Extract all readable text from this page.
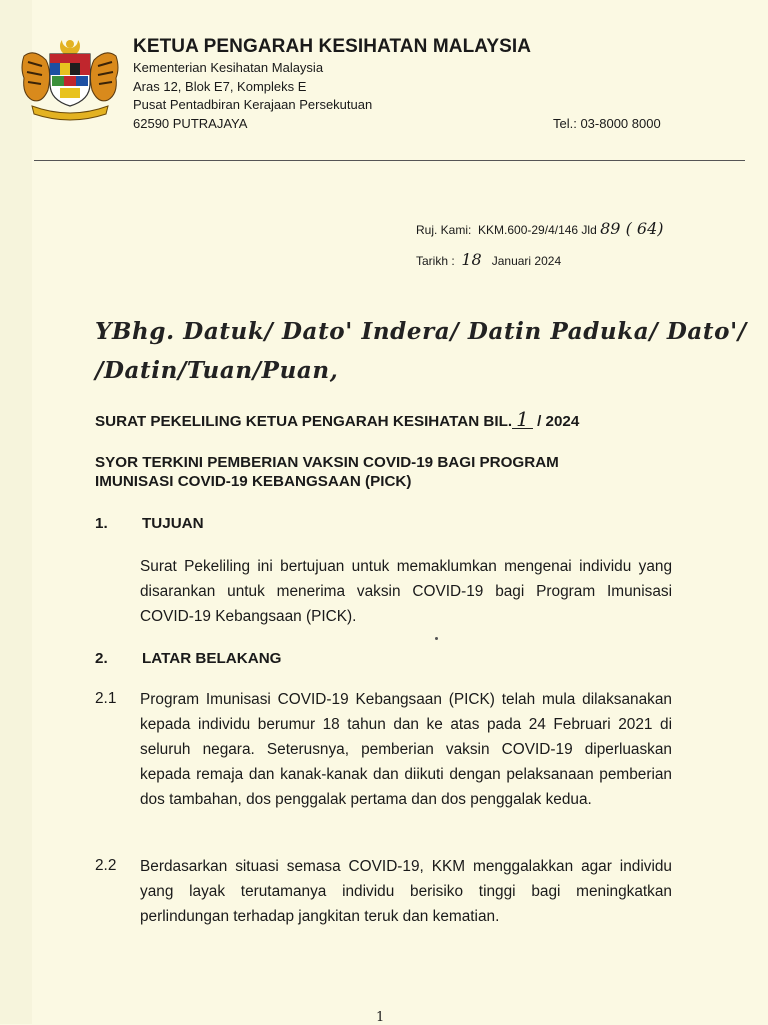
KETUA PENGARAH KESIHATAN MALAYSIA
Kementerian Kesihatan Malaysia
Aras 12, Blok E7, Kompleks E
Pusat Pentadbiran Kerajaan Persekutuan
62590 PUTRAJAYA	Tel.: 03-8000 8000
Ruj. Kami: KKM.600-29/4/146 Jld 89 ( 64)
Tarikh : 18 Januari 2024
YBhg. Datuk/ Dato' Indera/ Datin Paduka/ Dato'/
/Datin/Tuan/Puan,
SURAT PEKELILING KETUA PENGARAH KESIHATAN BIL. 1 / 2024
SYOR TERKINI PEMBERIAN VAKSIN COVID-19 BAGI PROGRAM
IMUNISASI COVID-19 KEBANGSAAN (PICK)
1. TUJUAN
Surat Pekeliling ini bertujuan untuk memaklumkan mengenai individu yang disarankan untuk menerima vaksin COVID-19 bagi Program Imunisasi COVID-19 Kebangsaan (PICK).
2. LATAR BELAKANG
2.1 Program Imunisasi COVID-19 Kebangsaan (PICK) telah mula dilaksanakan kepada individu berumur 18 tahun dan ke atas pada 24 Februari 2021 di seluruh negara. Seterusnya, pemberian vaksin COVID-19 diperluaskan kepada remaja dan kanak-kanak dan diikuti dengan pelaksanaan pemberian dos tambahan, dos penggalak pertama dan dos penggalak kedua.
2.2 Berdasarkan situasi semasa COVID-19, KKM menggalakkan agar individu yang layak terutamanya individu berisiko tinggi bagi meningkatkan perlindungan terhadap jangkitan teruk dan kematian.
1
